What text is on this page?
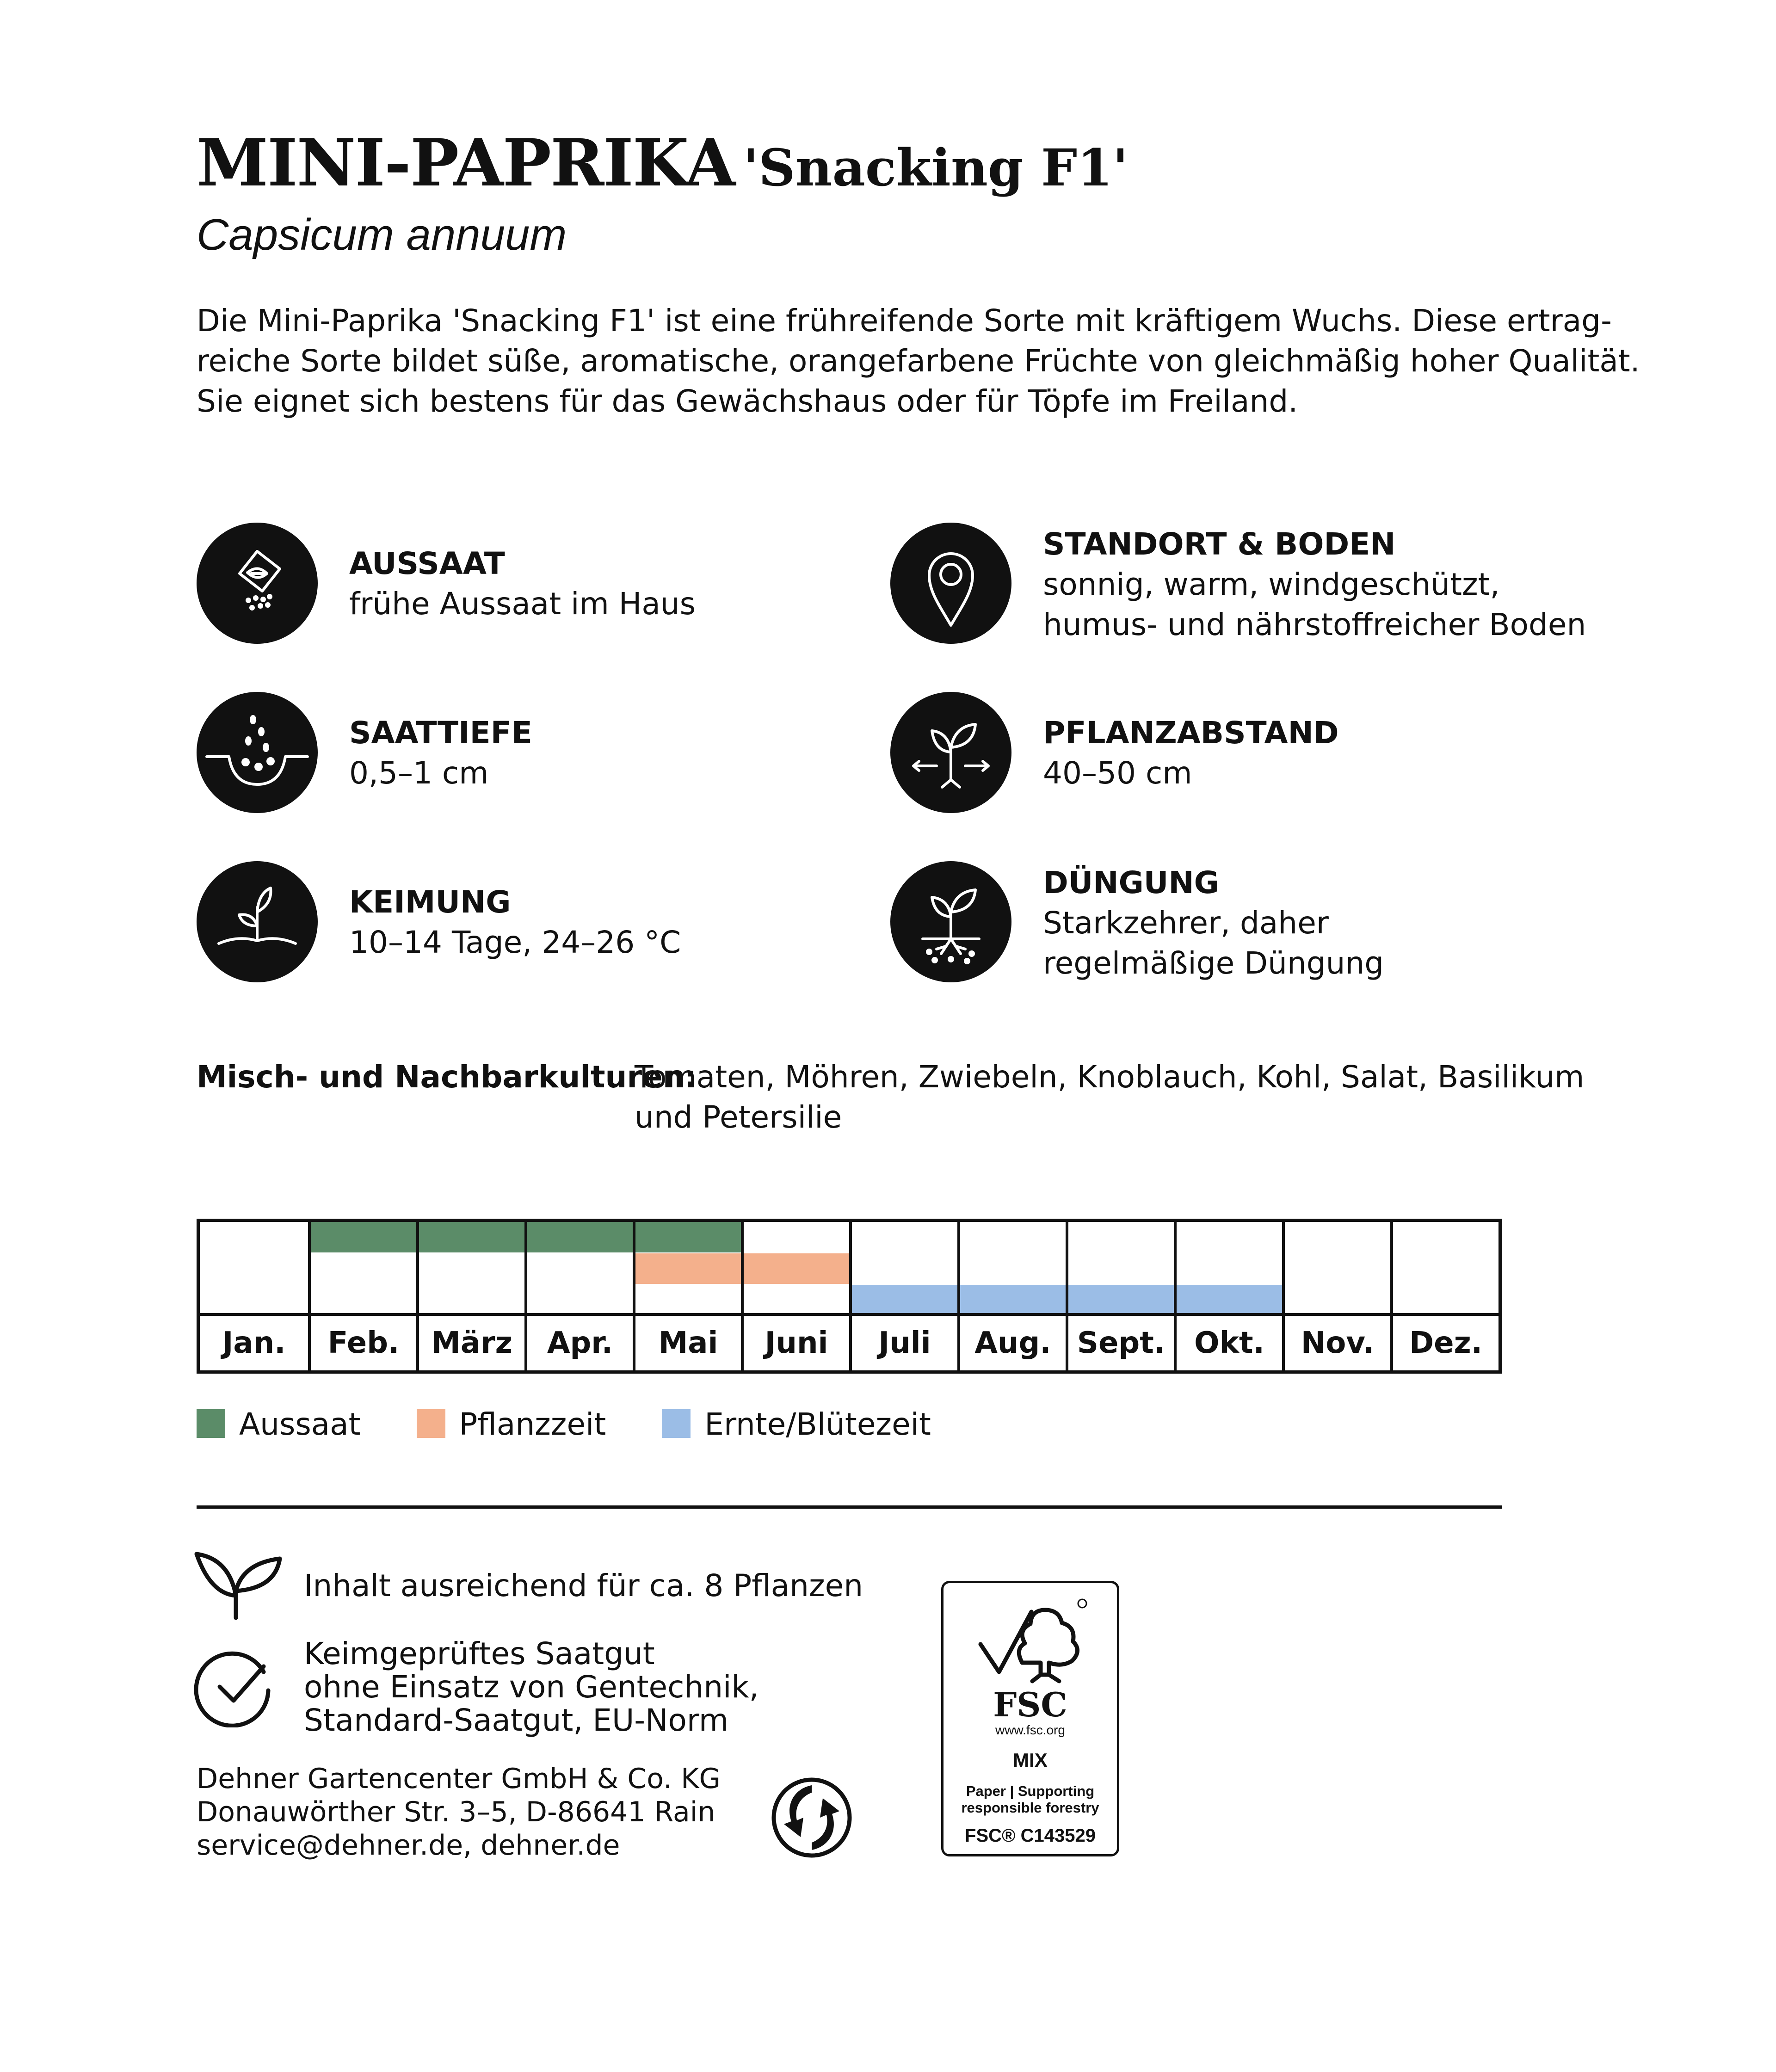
MINI-PAPRIKA 'Snacking F1'
Capsicum annuum
Die Mini-Paprika 'Snacking F1' ist eine frühreifende Sorte mit kräftigem Wuchs. Diese ertrag-
reiche Sorte bildet süße, aromatische, orangefarbene Früchte von gleichmäßig hoher Qualität.
Sie eignet sich bestens für das Gewächshaus oder für Töpfe im Freiland.
AUSSAAT
frühe Aussaat im Haus
STANDORT & BODEN
sonnig, warm, windgeschützt,
humus- und nährstoffreicher Boden
SAATTIEFE
0,5–1 cm
PFLANZABSTAND
40–50 cm
KEIMUNG
10–14 Tage, 24–26 °C
DÜNGUNG
Starkzehrer, daher
regelmäßige Düngung
Misch- und Nachbarkulturen:
Tomaten, Möhren, Zwiebeln, Knoblauch, Kohl, Salat, Basilikum
und Petersilie
Jan.	Feb.	März	Apr.	Mai	Juni	Juli	Aug. Sept. Okt.	Nov.	Dez.
Aussaat	Pflanzzeit	Ernte/Blütezeit
Inhalt ausreichend für ca. 8 Pflanzen
Keimgeprüftes Saatgut
ohne Einsatz von Gentechnik,
Standard-Saatgut, EU-Norm
Dehner Gartencenter GmbH & Co. KG
Donauwörther Str. 3–5, D-86641 Rain
service@dehner.de, dehner.de
FSC
www.fsc.org
MIX
Paper | Supporting
responsible forestry
FSC® C143529
